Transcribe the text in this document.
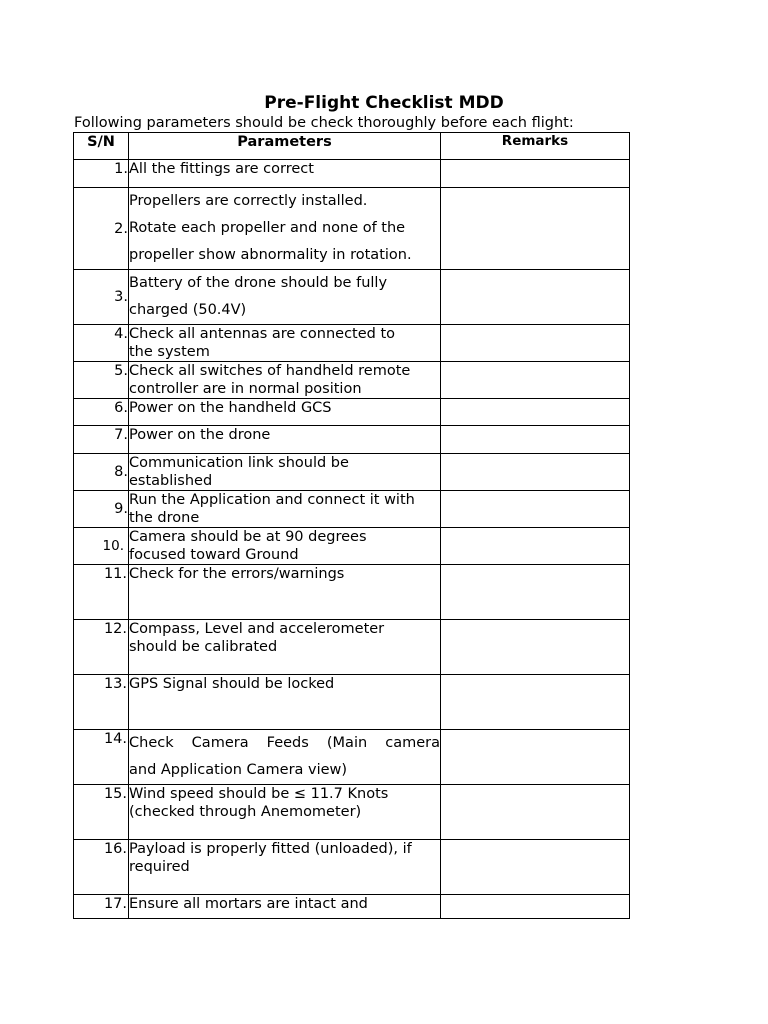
Pre-Flight Checklist MDD
Following parameters should be check thoroughly before each flight:
S/N	Parameters	Remarks
1.	All the fittings are correct	

2.	Propellers are correctly installed.
Rotate each propeller and none of the
propeller show abnormality in rotation.	

3.	Battery of the drone should be fully
charged (50.4V)	

4.	Check all antennas are connected to
the system	

5.	Check all switches of handheld remote
controller are in normal position	

6.	Power on the handheld GCS	

7.	Power on the drone	

8.	Communication link should be
established	

9.	Run the Application and connect it with
the drone	

10.	Camera should be at 90 degrees
focused toward Ground	

11.	Check for the errors/warnings	

12.	Compass, Level and accelerometer
should be calibrated	

13.	GPS Signal should be locked	

14.	Check Camera Feeds (Main camera
and Application Camera view)	

15.	Wind speed should be ≤ 11.7 Knots
(checked through Anemometer)	

16.	Payload is properly fitted (unloaded), if
required	

17.	Ensure all mortars are intact and	
